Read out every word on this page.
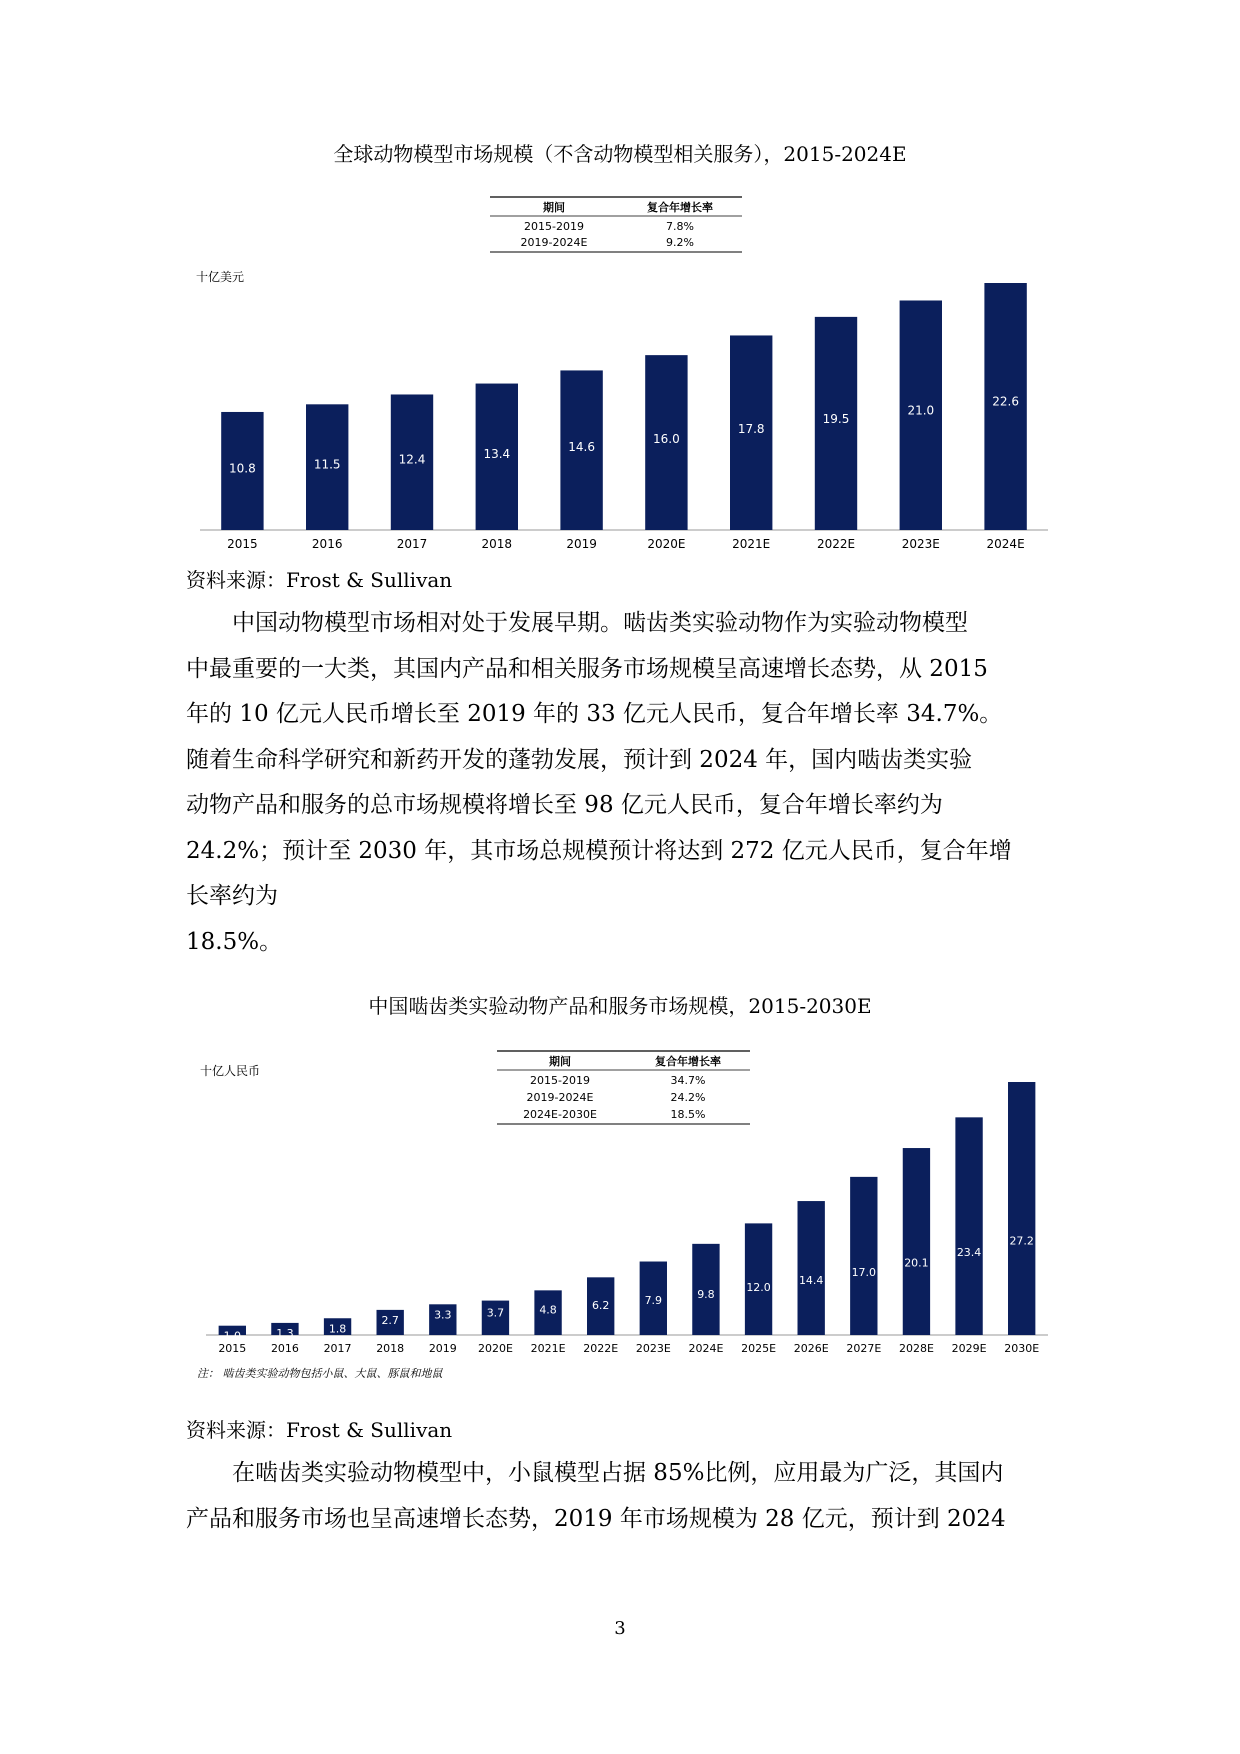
全球动物模型市场规模（不含动物模型相关服务），2015-2024E
期间	复合年增长率
2015-2019	7.8%
2019-2024E	9.2%
十亿美元
10.8
2015
11.5
2016
12.4
2017
13.4
2018
14.6
2019
16.0
2020E
17.8
2021E
19.5
2022E
21.0
2023E
22.6
2024E
资料来源：Frost & Sullivan

中国动物模型市场相对处于发展早期。啮齿类实验动物作为实验动物模型

中最重要的一大类，其国内产品和相关服务市场规模呈高速增长态势，从 2015

年的 10 亿元人民币增长至 2019 年的 33 亿元人民币，复合年增长率 34.7%。

随着生命科学研究和新药开发的蓬勃发展，预计到 2024 年，国内啮齿类实验

动物产品和服务的总市场规模将增长至 98 亿元人民币，复合年增长率约为

24.2%；预计至 2030 年，其市场总规模预计将达到 272 亿元人民币，复合年增

长率约为

18.5%。

中国啮齿类实验动物产品和服务市场规模，2015-2030E
期间	复合年增长率
2015-2019	34.7%
2019-2024E	24.2%
2024E-2030E	18.5%
十亿人民币
注： 啮齿类实验动物包括小鼠、大鼠、豚鼠和地鼠
1.0
2015
1.3
2016
1.8
2017
2.7
2018
3.3
2019
3.7
2020E
4.8
2021E
6.2
2022E
7.9
2023E
9.8
2024E
12.0
2025E
14.4
2026E
17.0
2027E
20.1
2028E
23.4
2029E
27.2
2030E
资料来源：Frost & Sullivan

在啮齿类实验动物模型中，小鼠模型占据 85%比例，应用最为广泛，其国内

产品和服务市场也呈高速增长态势，2019 年市场规模为 28 亿元，预计到 2024

3
